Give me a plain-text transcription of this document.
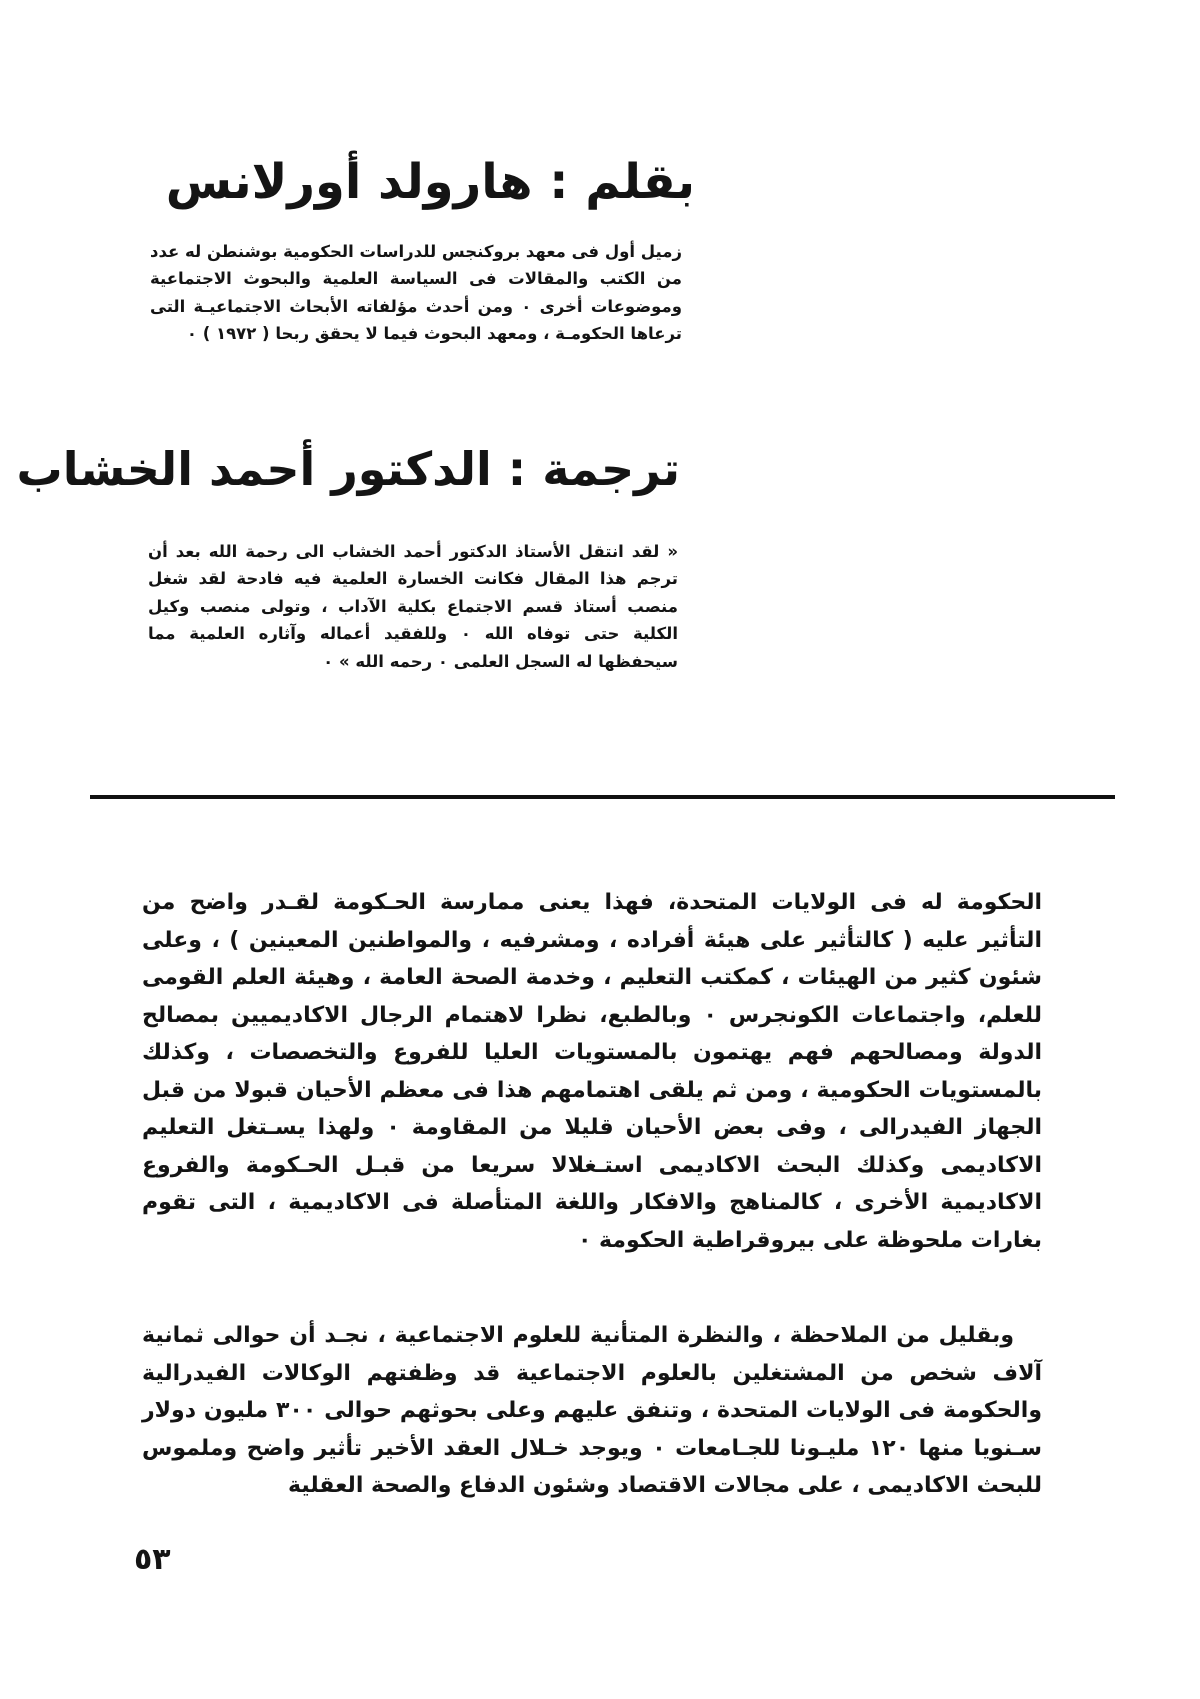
بقلم : هارولد أورلانس
زميل أول فى معهد بروكنجس للدراسات الحكومية بوشنطن له عدد من الكتب والمقالات فى السياسة العلمية والبحوث الاجتماعية وموضوعات أخرى ٠ ومن أحدث مؤلفاته الأبحاث الاجتماعيـة التى ترعاها الحكومـة ، ومعهد البحوث فيما لا يحقق ربحا ( ١٩٧٢ ) ٠
ترجمة : الدكتور أحمد الخشاب
« لقد انتقل الأستاذ الدكتور أحمد الخشاب الى رحمة الله بعد أن ترجم هذا المقال فكانت الخسارة العلمية فيه فادحة لقد شغل منصب أستاذ قسم الاجتماع بكلية الآداب ، وتولى منصب وكيل الكلية حتى توفاه الله ٠ وللفقيد أعماله وآثاره العلمية مما سيحفظها له السجل العلمى ٠ رحمه الله » ٠

الحكومة له فى الولايات المتحدة، فهذا يعنى ممارسة الحـكومة لقـدر واضح من التأثير عليه ( كالتأثير على هيئة أفراده ، ومشرفيه ، والمواطنين المعينين ) ، وعلى شئون كثير من الهيئات ، كمكتب التعليم ، وخدمة الصحة العامة ، وهيئة العلم القومى للعلم، واجتماعات الكونجرس ٠ وبالطبع، نظرا لاهتمام الرجال الاكاديميين بمصالح الدولة ومصالحهم فهم يهتمون بالمستويات العليا للفروع والتخصصات ، وكذلك بالمستويات الحكومية ، ومن ثم يلقى اهتمامهم هذا فى معظم الأحيان قبولا من قبل الجهاز الفيدرالى ، وفى بعض الأحيان قليلا من المقاومة ٠ ولهذا يسـتغل التعليم الاكاديمى وكذلك البحث الاكاديمى استـغلالا سريعا من قبـل الحـكومة والفروع الاكاديمية الأخرى ، كالمناهج والافكار واللغة المتأصلة فى الاكاديمية ، التى تقوم بغارات ملحوظة على بيروقراطية الحكومة ٠

وبقليل من الملاحظة ، والنظرة المتأنية للعلوم الاجتماعية ، نجـد أن حوالى ثمانية آلاف شخص من المشتغلين بالعلوم الاجتماعية قد وظفتهم الوكالات الفيدرالية والحكومة فى الولايات المتحدة ، وتنفق عليهم وعلى بحوثهم حوالى ٣٠٠ مليون دولار سـنويا منها ١٢٠ مليـونا للجـامعات ٠ ويوجد خـلال العقد الأخير تأثير واضح وملموس للبحث الاكاديمى ، على مجالات الاقتصاد وشئون الدفاع والصحة العقلية

٥٣
